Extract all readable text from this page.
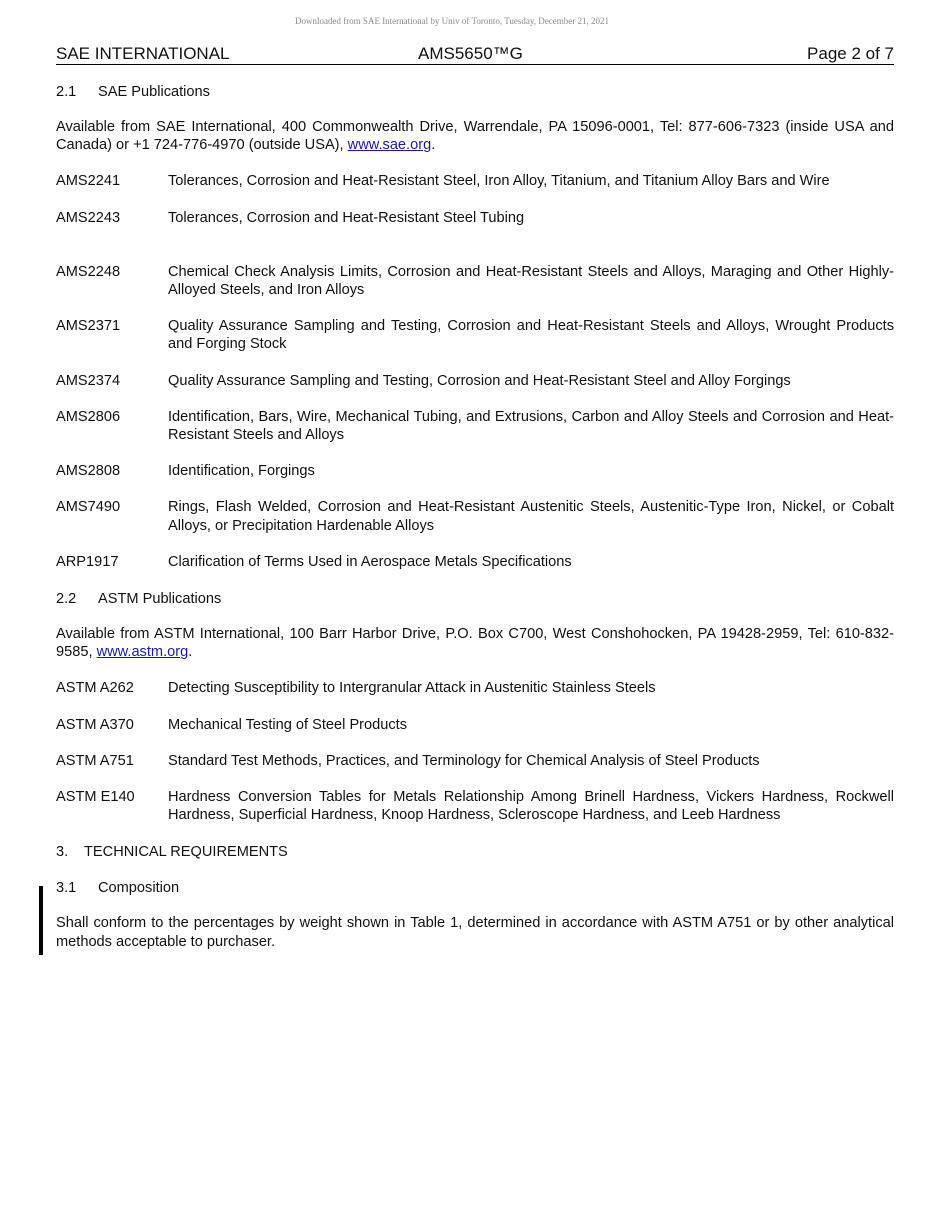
Downloaded from SAE International by Univ of Toronto, Tuesday, December 21, 2021
SAE INTERNATIONAL	AMS5650™G	Page 2 of 7
2.1 SAE Publications
Available from SAE International, 400 Commonwealth Drive, Warrendale, PA 15096-0001, Tel: 877-606-7323 (inside USA and Canada) or +1 724-776-4970 (outside USA), www.sae.org.
AMS2241	Tolerances, Corrosion and Heat-Resistant Steel, Iron Alloy, Titanium, and Titanium Alloy Bars and Wire
AMS2243	Tolerances, Corrosion and Heat-Resistant Steel Tubing
AMS2248	Chemical Check Analysis Limits, Corrosion and Heat-Resistant Steels and Alloys, Maraging and Other Highly-Alloyed Steels, and Iron Alloys
AMS2371	Quality Assurance Sampling and Testing, Corrosion and Heat-Resistant Steels and Alloys, Wrought Products and Forging Stock
AMS2374	Quality Assurance Sampling and Testing, Corrosion and Heat-Resistant Steel and Alloy Forgings
AMS2806	Identification, Bars, Wire, Mechanical Tubing, and Extrusions, Carbon and Alloy Steels and Corrosion and Heat-Resistant Steels and Alloys
AMS2808	Identification, Forgings
AMS7490	Rings, Flash Welded, Corrosion and Heat-Resistant Austenitic Steels, Austenitic-Type Iron, Nickel, or Cobalt Alloys, or Precipitation Hardenable Alloys
ARP1917	Clarification of Terms Used in Aerospace Metals Specifications
2.2 ASTM Publications
Available from ASTM International, 100 Barr Harbor Drive, P.O. Box C700, West Conshohocken, PA 19428-2959, Tel: 610-832-9585, www.astm.org.
ASTM A262	Detecting Susceptibility to Intergranular Attack in Austenitic Stainless Steels
ASTM A370	Mechanical Testing of Steel Products
ASTM A751	Standard Test Methods, Practices, and Terminology for Chemical Analysis of Steel Products
ASTM E140	Hardness Conversion Tables for Metals Relationship Among Brinell Hardness, Vickers Hardness, Rockwell Hardness, Superficial Hardness, Knoop Hardness, Scleroscope Hardness, and Leeb Hardness
3. TECHNICAL REQUIREMENTS
3.1 Composition
Shall conform to the percentages by weight shown in Table 1, determined in accordance with ASTM A751 or by other analytical methods acceptable to purchaser.
